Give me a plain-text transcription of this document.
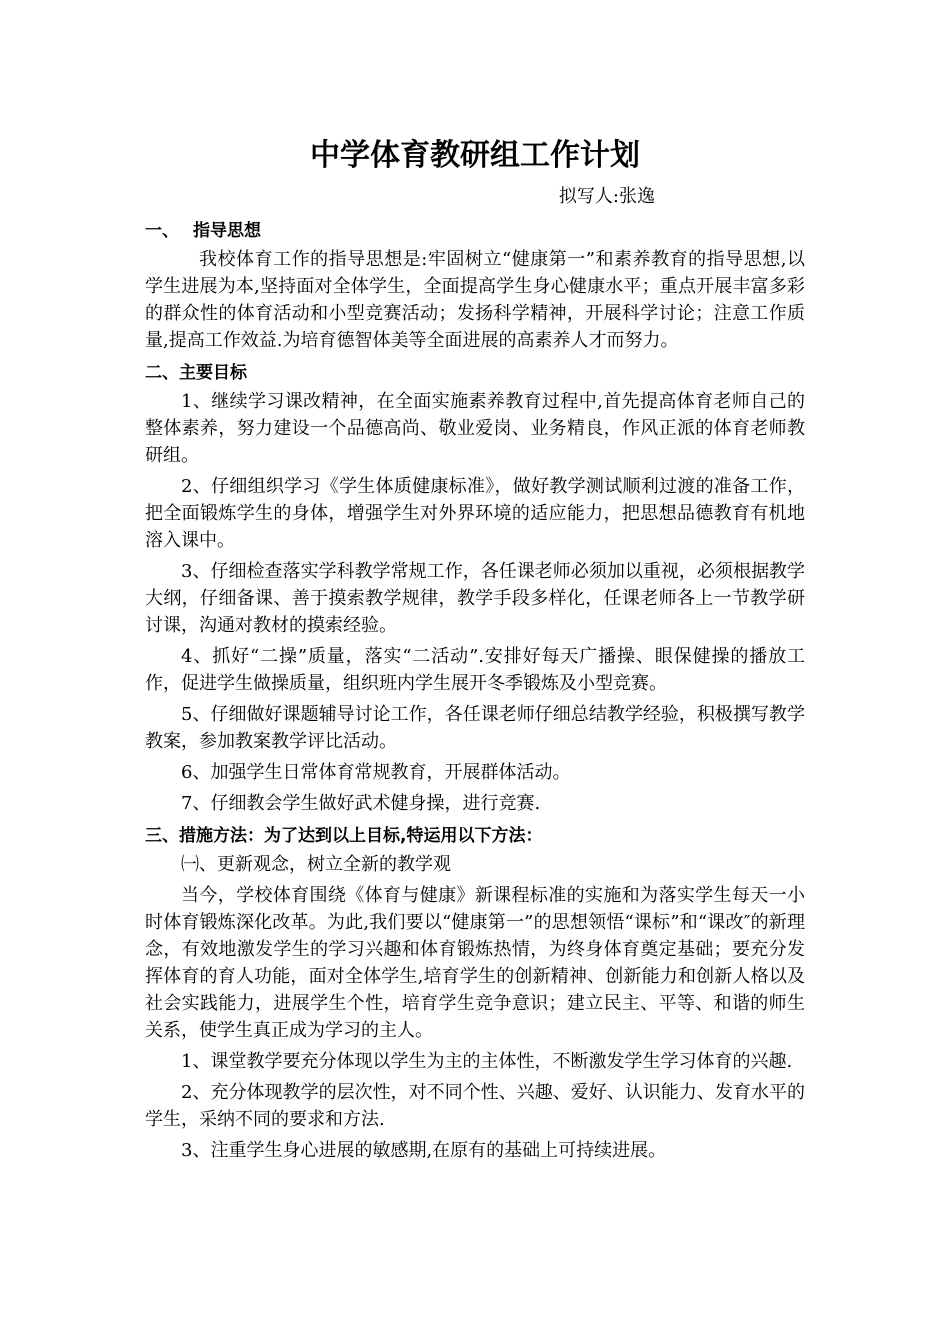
中学体育教研组工作计划
拟写人:张逸
一、 指导思想

我校体育工作的指导思想是:牢固树立“健康第一”和素养教育的指导思想,以学生进展为本,坚持面对全体学生，全面提高学生身心健康水平；重点开展丰富多彩的群众性的体育活动和小型竞赛活动；发扬科学精神，开展科学讨论；注意工作质量,提高工作效益.为培育德智体美等全面进展的高素养人才而努力。

二、主要目标

1、继续学习课改精神，在全面实施素养教育过程中,首先提高体育老师自己的整体素养，努力建设一个品德高尚、敬业爱岗、业务精良，作风正派的体育老师教研组。

2、仔细组织学习《学生体质健康标准》，做好教学测试顺利过渡的准备工作，把全面锻炼学生的身体，增强学生对外界环境的适应能力，把思想品德教育有机地溶入课中。

3、仔细检查落实学科教学常规工作，各任课老师必须加以重视，必须根据教学大纲，仔细备课、善于摸索教学规律，教学手段多样化，任课老师各上一节教学研讨课，沟通对教材的摸索经验。

4、抓好“二操”质量，落实“二活动”.安排好每天广播操、眼保健操的播放工作，促进学生做操质量，组织班内学生展开冬季锻炼及小型竞赛。

5、仔细做好课题辅导讨论工作，各任课老师仔细总结教学经验，积极撰写教学教案，参加教案教学评比活动。

6、加强学生日常体育常规教育，开展群体活动。

7、仔细教会学生做好武术健身操，进行竞赛.

三、措施方法：为了达到以上目标,特运用以下方法：

㈠、更新观念，树立全新的教学观

当今，学校体育围绕《体育与健康》新课程标准的实施和为落实学生每天一小时体育锻炼深化改革。为此,我们要以“健康第一”的思想领悟“课标”和“课改″的新理念，有效地激发学生的学习兴趣和体育锻炼热情，为终身体育奠定基础；要充分发挥体育的育人功能，面对全体学生,培育学生的创新精神、创新能力和创新人格以及社会实践能力，进展学生个性，培育学生竞争意识；建立民主、平等、和谐的师生关系，使学生真正成为学习的主人。

1、课堂教学要充分体现以学生为主的主体性，不断激发学生学习体育的兴趣.

2、充分体现教学的层次性，对不同个性、兴趣、爱好、认识能力、发育水平的学生，采纳不同的要求和方法.

3、注重学生身心进展的敏感期,在原有的基础上可持续进展。
